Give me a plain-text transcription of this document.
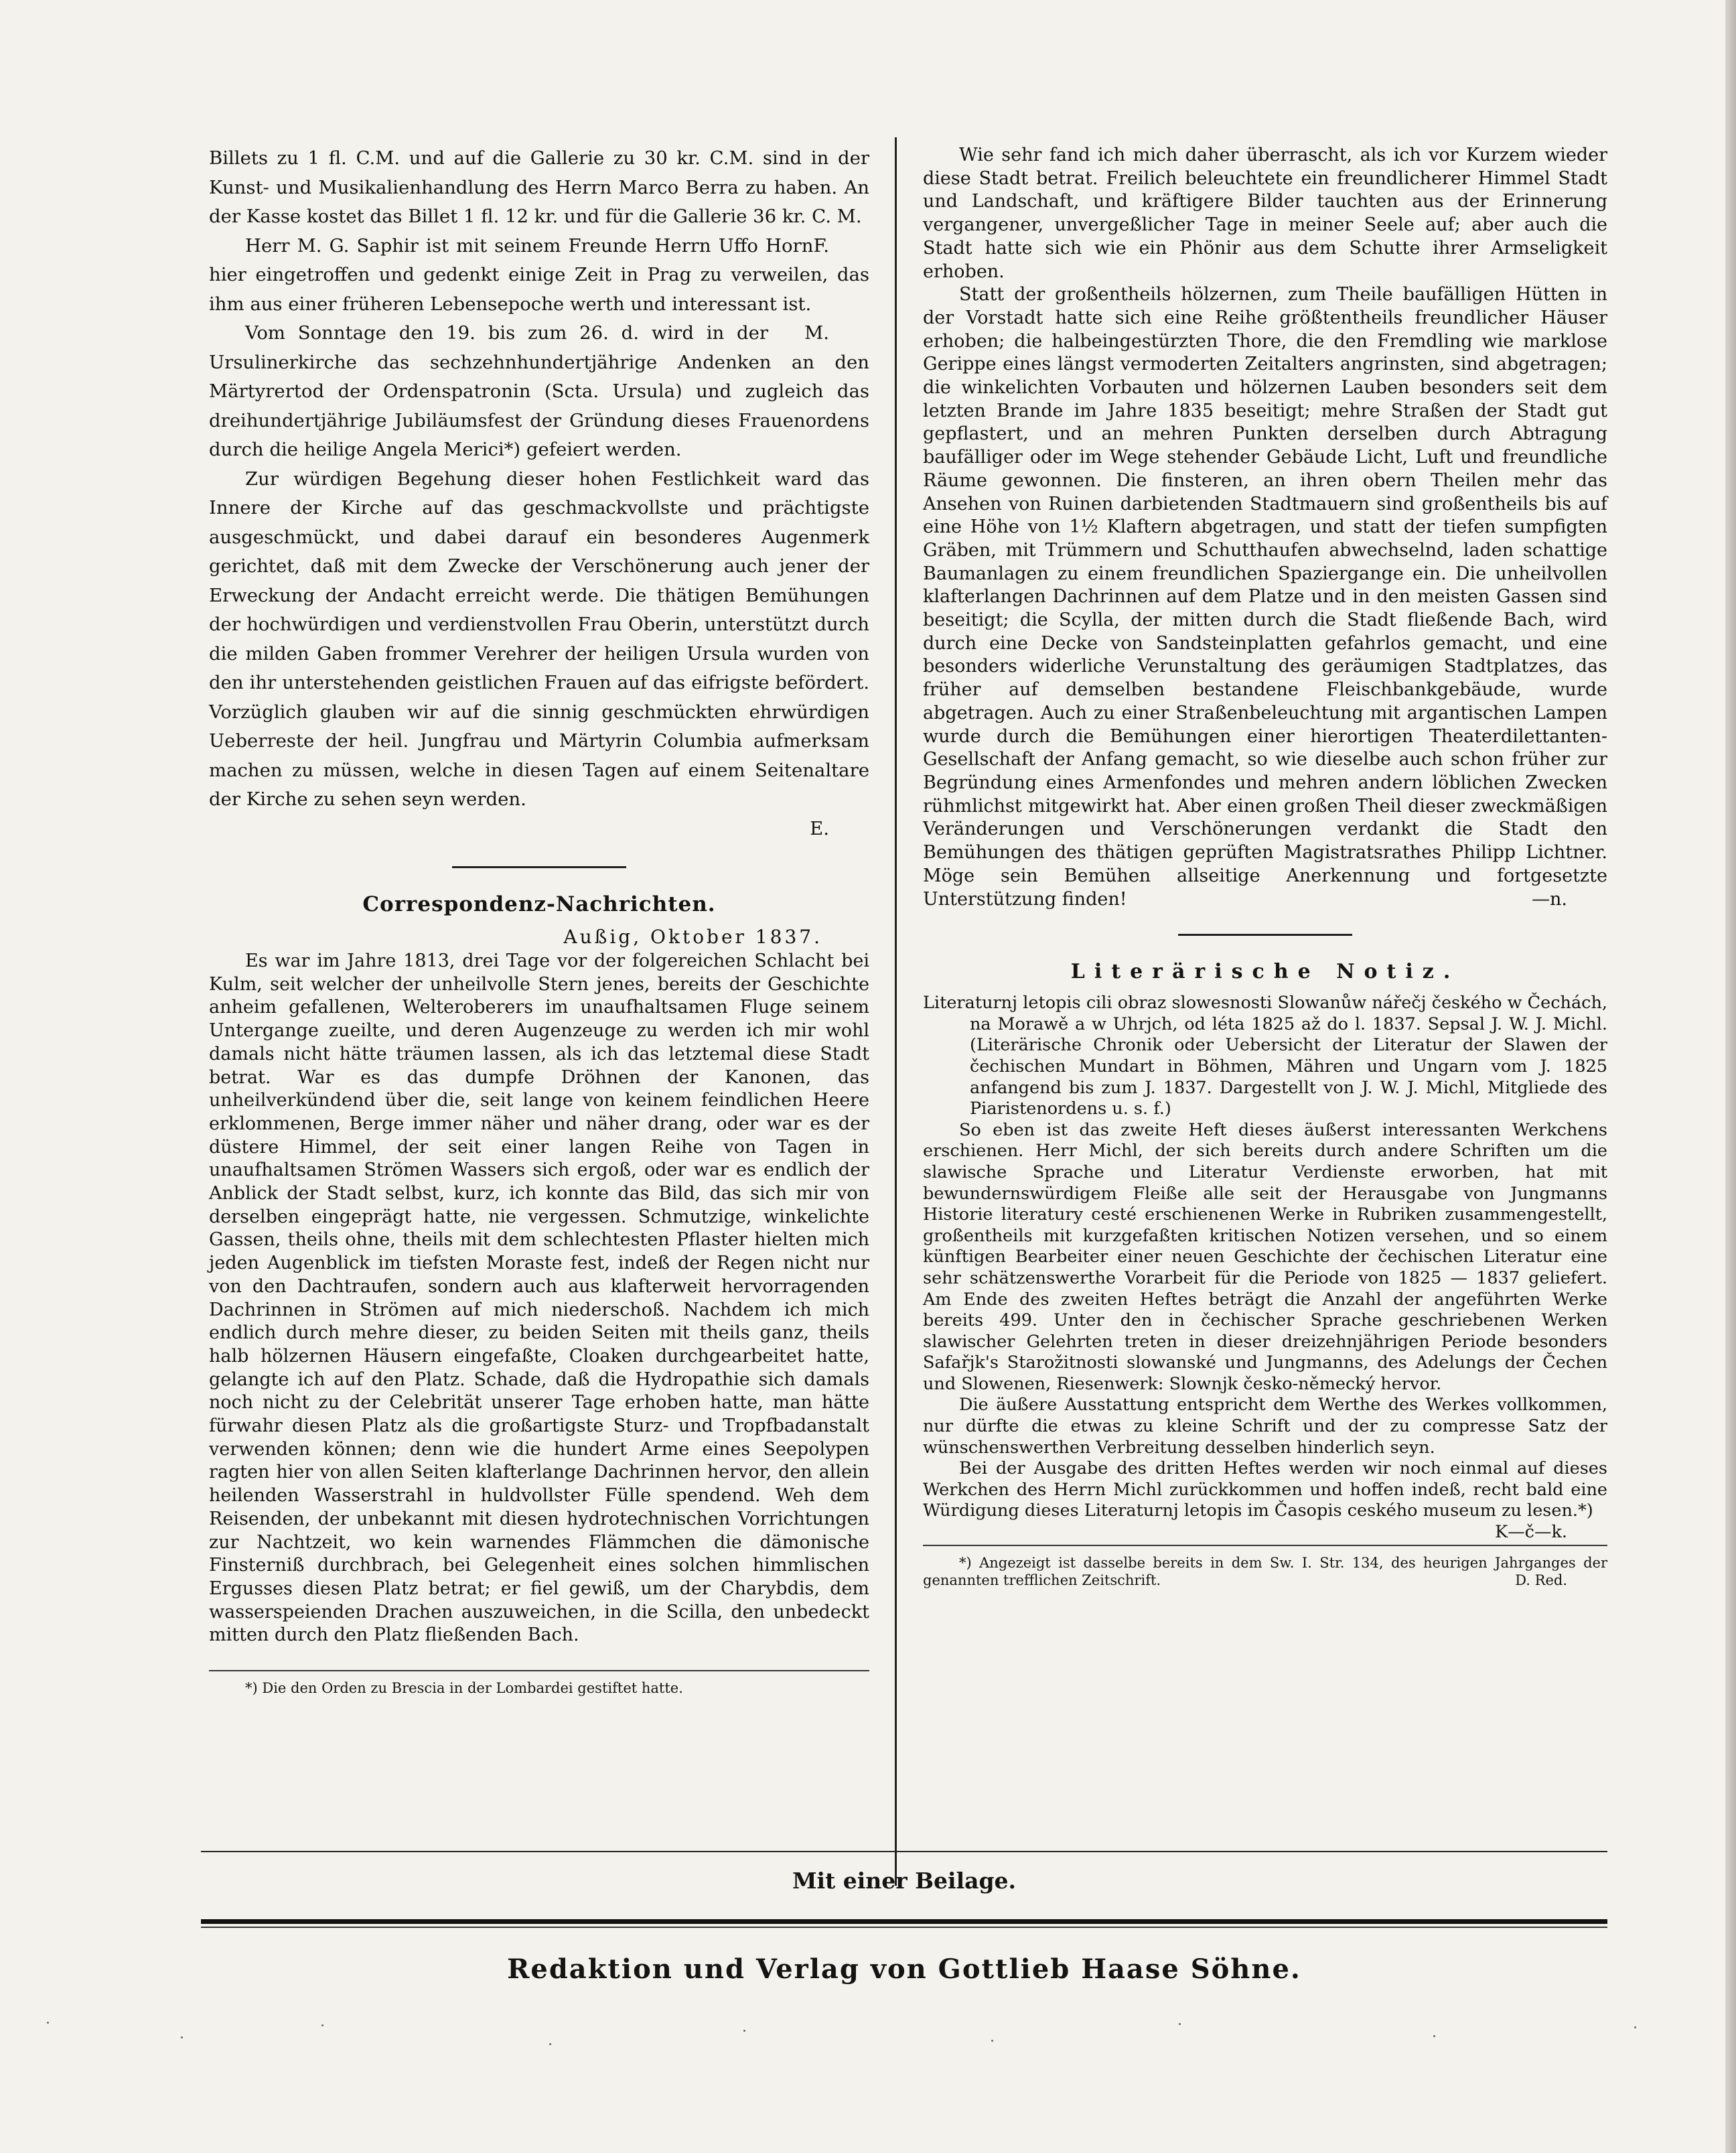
Billets zu 1 fl. C.M. und auf die Gallerie zu 30 kr. C.M. sind in der Kunst- und Musikalienhandlung des Herrn Marco Berra zu haben. An der Kasse kostet das Billet 1 fl. 12 kr. und für die Gallerie 36 kr. C. M.
F.

Herr M. G. Saphir ist mit seinem Freunde Herrn Uffo Horn hier eingetroffen und gedenkt einige Zeit in Prag zu verweilen, das ihm aus einer früheren Lebensepoche werth und interessant ist.
M.

Vom Sonntage den 19. bis zum 26. d. wird in der Ursulinerkirche das sechzehnhundertjährige Andenken an den Märtyrertod der Ordenspatronin (Scta. Ursula) und zugleich das dreihundertjährige Jubiläumsfest der Gründung dieses Frauenordens durch die heilige Angela Merici*) gefeiert werden.

Zur würdigen Begehung dieser hohen Festlichkeit ward das Innere der Kirche auf das geschmackvollste und prächtigste ausgeschmückt, und dabei darauf ein besonderes Augenmerk gerichtet, daß mit dem Zwecke der Verschönerung auch jener der Erweckung der Andacht erreicht werde. Die thätigen Bemühungen der hochwürdigen und verdienstvollen Frau Oberin, unterstützt durch die milden Gaben frommer Verehrer der heiligen Ursula wurden von den ihr unterstehenden geistlichen Frauen auf das eifrigste befördert. Vorzüglich glauben wir auf die sinnig geschmückten ehrwürdigen Ueberreste der heil. Jungfrau und Märtyrin Columbia aufmerksam machen zu müssen, welche in diesen Tagen auf einem Seitenaltare der Kirche zu sehen seyn werden.

E.

Correspondenz-Nachrichten.

Außig, Oktober 1837.

Es war im Jahre 1813, drei Tage vor der folgereichen Schlacht bei Kulm, seit welcher der unheilvolle Stern jenes, bereits der Geschichte anheim gefallenen, Welteroberers im unaufhaltsamen Fluge seinem Untergange zueilte, und deren Augenzeuge zu werden ich mir wohl damals nicht hätte träumen lassen, als ich das letztemal diese Stadt betrat. War es das dumpfe Dröhnen der Kanonen, das unheilverkündend über die, seit lange von keinem feindlichen Heere erklommenen, Berge immer näher und näher drang, oder war es der düstere Himmel, der seit einer langen Reihe von Tagen in unaufhaltsamen Strömen Wassers sich ergoß, oder war es endlich der Anblick der Stadt selbst, kurz, ich konnte das Bild, das sich mir von derselben eingeprägt hatte, nie vergessen. Schmutzige, winkelichte Gassen, theils ohne, theils mit dem schlechtesten Pflaster hielten mich jeden Augenblick im tiefsten Moraste fest, indeß der Regen nicht nur von den Dachtraufen, sondern auch aus klafterweit hervorragenden Dachrinnen in Strömen auf mich niederschoß. Nachdem ich mich endlich durch mehre dieser, zu beiden Seiten mit theils ganz, theils halb hölzernen Häusern eingefaßte, Cloaken durchgearbeitet hatte, gelangte ich auf den Platz. Schade, daß die Hydropathie sich damals noch nicht zu der Celebrität unserer Tage erhoben hatte, man hätte fürwahr diesen Platz als die großartigste Sturz- und Tropfbadanstalt verwenden können; denn wie die hundert Arme eines Seepolypen ragten hier von allen Seiten klafterlange Dachrinnen hervor, den allein heilenden Wasserstrahl in huldvollster Fülle spendend. Weh dem Reisenden, der unbekannt mit diesen hydrotechnischen Vorrichtungen zur Nachtzeit, wo kein warnendes Flämmchen die dämonische Finsterniß durchbrach, bei Gelegenheit eines solchen himmlischen Ergusses diesen Platz betrat; er fiel gewiß, um der Charybdis, dem wasserspeienden Drachen auszuweichen, in die Scilla, den unbedeckt mitten durch den Platz fließenden Bach.

*) Die den Orden zu Brescia in der Lombardei gestiftet hatte.

Wie sehr fand ich mich daher überrascht, als ich vor Kurzem wieder diese Stadt betrat. Freilich beleuchtete ein freundlicherer Himmel Stadt und Landschaft, und kräftigere Bilder tauchten aus der Erinnerung vergangener, unvergeßlicher Tage in meiner Seele auf; aber auch die Stadt hatte sich wie ein Phönir aus dem Schutte ihrer Armseligkeit erhoben.

Statt der großentheils hölzernen, zum Theile baufälligen Hütten in der Vorstadt hatte sich eine Reihe größtentheils freundlicher Häuser erhoben; die halbeingestürzten Thore, die den Fremdling wie marklose Gerippe eines längst vermoderten Zeitalters angrinsten, sind abgetragen; die winkelichten Vorbauten und hölzernen Lauben besonders seit dem letzten Brande im Jahre 1835 beseitigt; mehre Straßen der Stadt gut gepflastert, und an mehren Punkten derselben durch Abtragung baufälliger oder im Wege stehender Gebäude Licht, Luft und freundliche Räume gewonnen. Die finsteren, an ihren obern Theilen mehr das Ansehen von Ruinen darbietenden Stadtmauern sind großentheils bis auf eine Höhe von 1½ Klaftern abgetragen, und statt der tiefen sumpfigten Gräben, mit Trümmern und Schutthaufen abwechselnd, laden schattige Baumanlagen zu einem freundlichen Spaziergange ein. Die unheilvollen klafterlangen Dachrinnen auf dem Platze und in den meisten Gassen sind beseitigt; die Scylla, der mitten durch die Stadt fließende Bach, wird durch eine Decke von Sandsteinplatten gefahrlos gemacht, und eine besonders widerliche Verunstaltung des geräumigen Stadtplatzes, das früher auf demselben bestandene Fleischbankgebäude, wurde abgetragen. Auch zu einer Straßenbeleuchtung mit argantischen Lampen wurde durch die Bemühungen einer hierortigen Theaterdilettanten-Gesellschaft der Anfang gemacht, so wie dieselbe auch schon früher zur Begründung eines Armenfondes und mehren andern löblichen Zwecken rühmlichst mitgewirkt hat. Aber einen großen Theil dieser zweckmäßigen Veränderungen und Verschönerungen verdankt die Stadt den Bemühungen des thätigen geprüften Magistratsrathes Philipp Lichtner. Möge sein Bemühen allseitige Anerkennung und fortgesetzte Unterstützung finden!	—n.

Literärische Notiz.

Literaturnj letopis cili obraz slowesnosti Slowanůw nářečj českého w Čechách, na Morawě a w Uhrjch, od léta 1825 až do l. 1837. Sepsal J. W. J. Michl. (Literärische Chronik oder Uebersicht der Literatur der Slawen der čechischen Mundart in Böhmen, Mähren und Ungarn vom J. 1825 anfangend bis zum J. 1837. Dargestellt von J. W. J. Michl, Mitgliede des Piaristenordens u. s. f.)

So eben ist das zweite Heft dieses äußerst interessanten Werkchens erschienen. Herr Michl, der sich bereits durch andere Schriften um die slawische Sprache und Literatur Verdienste erworben, hat mit bewundernswürdigem Fleiße alle seit der Herausgabe von Jungmanns Historie literatury cesté erschienenen Werke in Rubriken zusammengestellt, großentheils mit kurzgefaßten kritischen Notizen versehen, und so einem künftigen Bearbeiter einer neuen Geschichte der čechischen Literatur eine sehr schätzenswerthe Vorarbeit für die Periode von 1825 — 1837 geliefert. Am Ende des zweiten Heftes beträgt die Anzahl der angeführten Werke bereits 499. Unter den in čechischer Sprache geschriebenen Werken slawischer Gelehrten treten in dieser dreizehnjährigen Periode besonders Safařjk's Starožitnosti slowanské und Jungmanns, des Adelungs der Čechen und Slowenen, Riesenwerk: Slownjk česko-německý hervor.

Die äußere Ausstattung entspricht dem Werthe des Werkes vollkommen, nur dürfte die etwas zu kleine Schrift und der zu compresse Satz der wünschenswerthen Verbreitung desselben hinderlich seyn.

Bei der Ausgabe des dritten Heftes werden wir noch einmal auf dieses Werkchen des Herrn Michl zurückkommen und hoffen indeß, recht bald eine Würdigung dieses Literaturnj letopis im Časopis ceského museum zu lesen.*)
K—č—k.

*) Angezeigt ist dasselbe bereits in dem Sw. I. Str. 134, des heurigen Jahrganges der genannten trefflichen Zeitschrift.	D. Red.

Mit einer Beilage.
Redaktion und Verlag von Gottlieb Haase Söhne.
